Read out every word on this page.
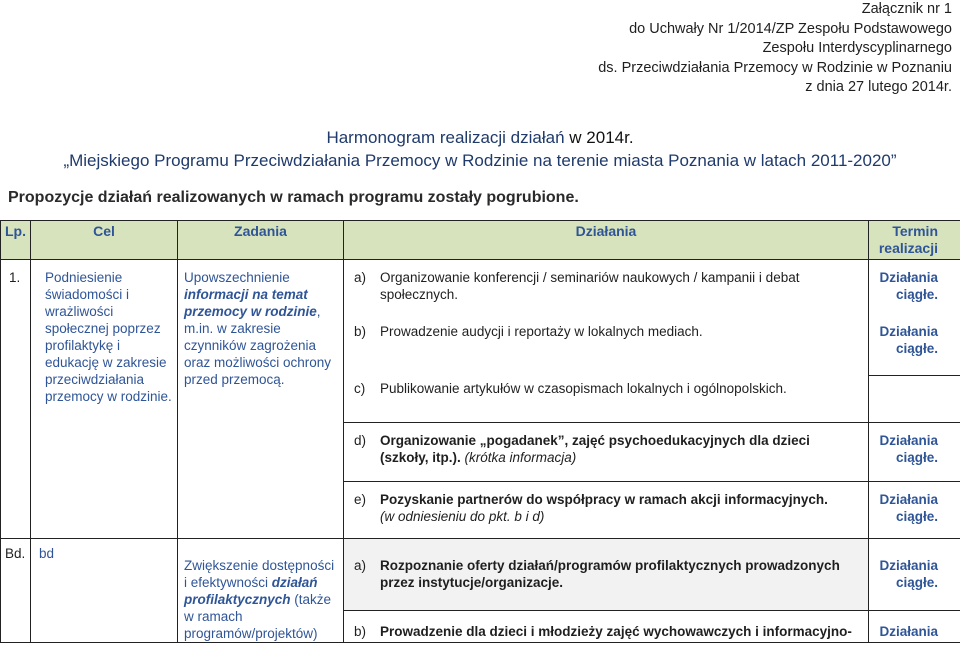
Załącznik nr 1
do Uchwały Nr 1/2014/ZP Zespołu Podstawowego
Zespołu Interdyscyplinarnego
ds. Przeciwdziałania Przemocy w Rodzinie w Poznaniu
z dnia 27 lutego 2014r.
Harmonogram realizacji działań w 2014r.
„Miejskiego Programu Przeciwdziałania Przemocy w Rodzinie na terenie miasta Poznania w latach 2011-2020”
Propozycje działań realizowanych w ramach programu zostały pogrubione.
Lp.	Cel	Zadania	Działania	Termin realizacji
1.	Podniesienie świadomości i wrażliwości społecznej poprzez profilaktykę i edukację w zakresie przeciwdziałania przemocy w rodzinie.	Upowszechnienie informacji na temat przemocy w rodzinie, m.in. w zakresie czynników zagrożenia oraz możliwości ochrony przed przemocą.	a) Organizowanie konferencji / seminariów naukowych / kampanii i debat społecznych.	Działania ciągłe.

			b) Prowadzenie audycji i reportaży w lokalnych mediach.	Działania ciągłe.

			c) Publikowanie artykułów w czasopismach lokalnych i ogólnopolskich.	

			d) Organizowanie „pogadanek”, zajęć psychoedukacyjnych dla dzieci (szkoły, itp.). (krótka informacja)	Działania ciągłe.

			e) Pozyskanie partnerów do współpracy w ramach akcji informacyjnych.
(w odniesieniu do pkt. b i d)	Działania ciągłe.
Bd.	bd	Zwiększenie dostępności i efektywności działań profilaktycznych (także w ramach programów/projektów)	a) Rozpoznanie oferty działań/programów profilaktycznych prowadzonych przez instytucje/organizacje.	Działania ciągłe.

			b) Prowadzenie dla dzieci i młodzieży zajęć wychowawczych i informacyjno-	Działania
